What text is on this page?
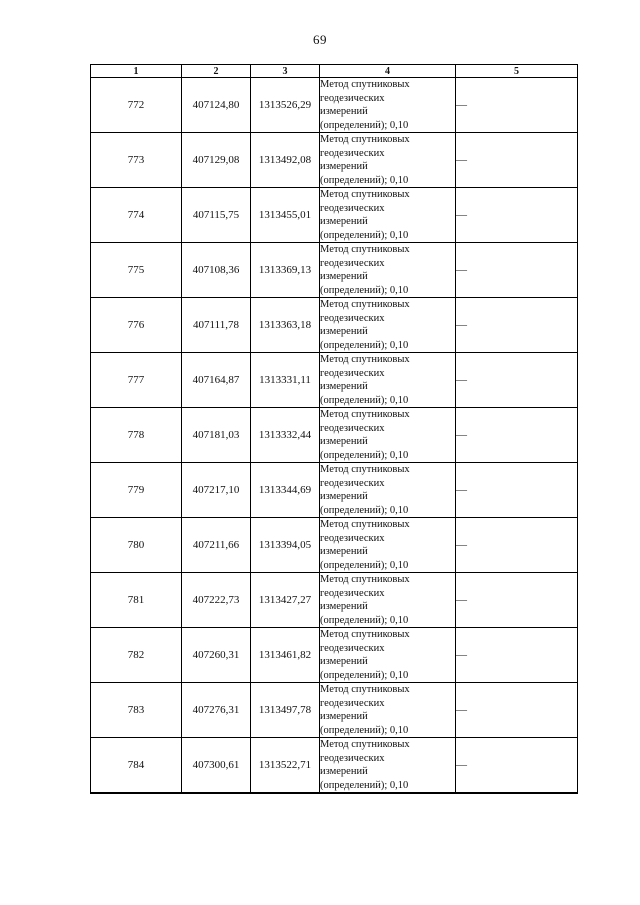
69
1	2	3	4	5
772	407124,80	1313526,29	Метод спутниковых
геодезических
измерений
(определений); 0,10	—
773	407129,08	1313492,08	Метод спутниковых
геодезических
измерений
(определений); 0,10	—
774	407115,75	1313455,01	Метод спутниковых
геодезических
измерений
(определений); 0,10	—
775	407108,36	1313369,13	Метод спутниковых
геодезических
измерений
(определений); 0,10	—
776	407111,78	1313363,18	Метод спутниковых
геодезических
измерений
(определений); 0,10	—
777	407164,87	1313331,11	Метод спутниковых
геодезических
измерений
(определений); 0,10	—
778	407181,03	1313332,44	Метод спутниковых
геодезических
измерений
(определений); 0,10	—
779	407217,10	1313344,69	Метод спутниковых
геодезических
измерений
(определений); 0,10	—
780	407211,66	1313394,05	Метод спутниковых
геодезических
измерений
(определений); 0,10	—
781	407222,73	1313427,27	Метод спутниковых
геодезических
измерений
(определений); 0,10	—
782	407260,31	1313461,82	Метод спутниковых
геодезических
измерений
(определений); 0,10	—
783	407276,31	1313497,78	Метод спутниковых
геодезических
измерений
(определений); 0,10	—
784	407300,61	1313522,71	Метод спутниковых
геодезических
измерений
(определений); 0,10	—
